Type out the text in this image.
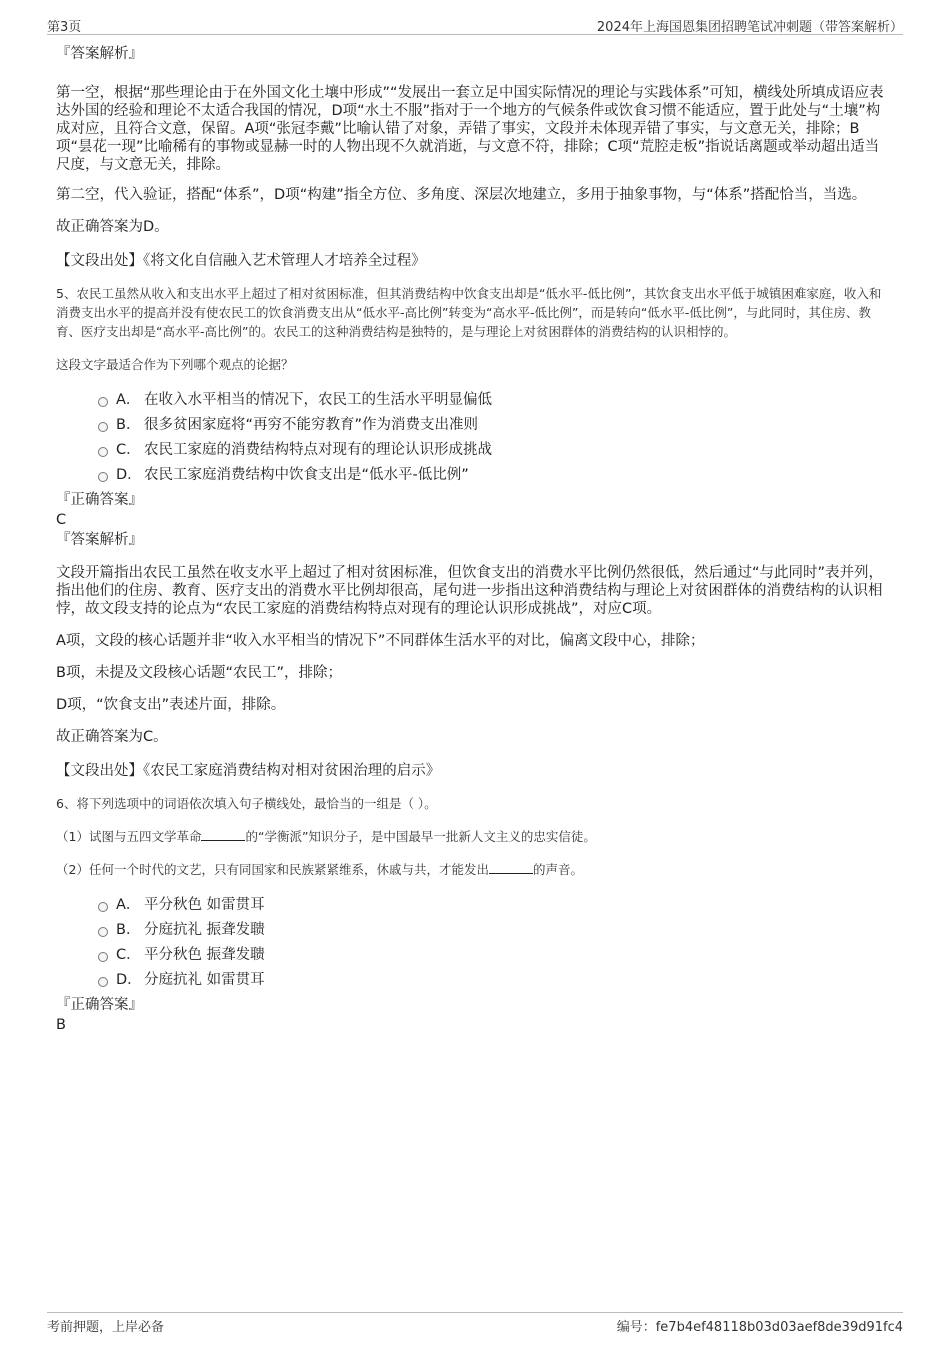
第3页	2024年上海国恩集团招聘笔试冲刺题（带答案解析）

『答案解析』

第一空，根据“那些理论由于在外国文化土壤中形成”“发展出一套立足中国实际情况的理论与实践体系”可知，横线处所填成语应表达外国的经验和理论不太适合我国的情况，D项“水土不服”指对于一个地方的气候条件或饮食习惯不能适应，置于此处与“土壤”构成对应，且符合文意，保留。A项“张冠李戴”比喻认错了对象，弄错了事实，文段并未体现弄错了事实，与文意无关，排除；B项“昙花一现”比喻稀有的事物或显赫一时的人物出现不久就消逝，与文意不符，排除；C项“荒腔走板”指说话离题或举动超出适当尺度，与文意无关，排除。

第二空，代入验证，搭配“体系”，D项“构建”指全方位、多角度、深层次地建立，多用于抽象事物，与“体系”搭配恰当，当选。

故正确答案为D。

【文段出处】《将文化自信融入艺术管理人才培养全过程》

5、农民工虽然从收入和支出水平上超过了相对贫困标准，但其消费结构中饮食支出却是“低水平-低比例”，其饮食支出水平低于城镇困难家庭，收入和消费支出水平的提高并没有使农民工的饮食消费支出从“低水平-高比例”转变为“高水平-低比例”，而是转向“低水平-低比例”，与此同时，其住房、教育、医疗支出却是“高水平-高比例”的。农民工的这种消费结构是独特的，是与理论上对贫困群体的消费结构的认识相悖的。

这段文字最适合作为下列哪个观点的论据？

A． 在收入水平相当的情况下，农民工的生活水平明显偏低
B． 很多贫困家庭将“再穷不能穷教育”作为消费支出准则
C． 农民工家庭的消费结构特点对现有的理论认识形成挑战
D． 农民工家庭消费结构中饮食支出是“低水平-低比例”

『正确答案』

C

『答案解析』

文段开篇指出农民工虽然在收支水平上超过了相对贫困标准，但饮食支出的消费水平比例仍然很低，然后通过“与此同时”表并列，指出他们的住房、教育、医疗支出的消费水平比例却很高，尾句进一步指出这种消费结构与理论上对贫困群体的消费结构的认识相悖，故文段支持的论点为“农民工家庭的消费结构特点对现有的理论认识形成挑战”，对应C项。

A项，文段的核心话题并非“收入水平相当的情况下”不同群体生活水平的对比，偏离文段中心，排除；

B项，未提及文段核心话题“农民工”，排除；

D项，“饮食支出”表述片面，排除。

故正确答案为C。

【文段出处】《农民工家庭消费结构对相对贫困治理的启示》

6、将下列选项中的词语依次填入句子横线处，最恰当的一组是（ ）。

（1）试图与五四文学革命	的“学衡派”知识分子，是中国最早一批新人文主义的忠实信徒。

（2）任何一个时代的文艺，只有同国家和民族紧紧维系，休戚与共，才能发出	的声音。

A． 平分秋色 如雷贯耳
B． 分庭抗礼 振聋发聩
C． 平分秋色 振聋发聩
D． 分庭抗礼 如雷贯耳

『正确答案』

B

考前押题，上岸必备	编号：fe7b4ef48118b03d03aef8de39d91fc4
